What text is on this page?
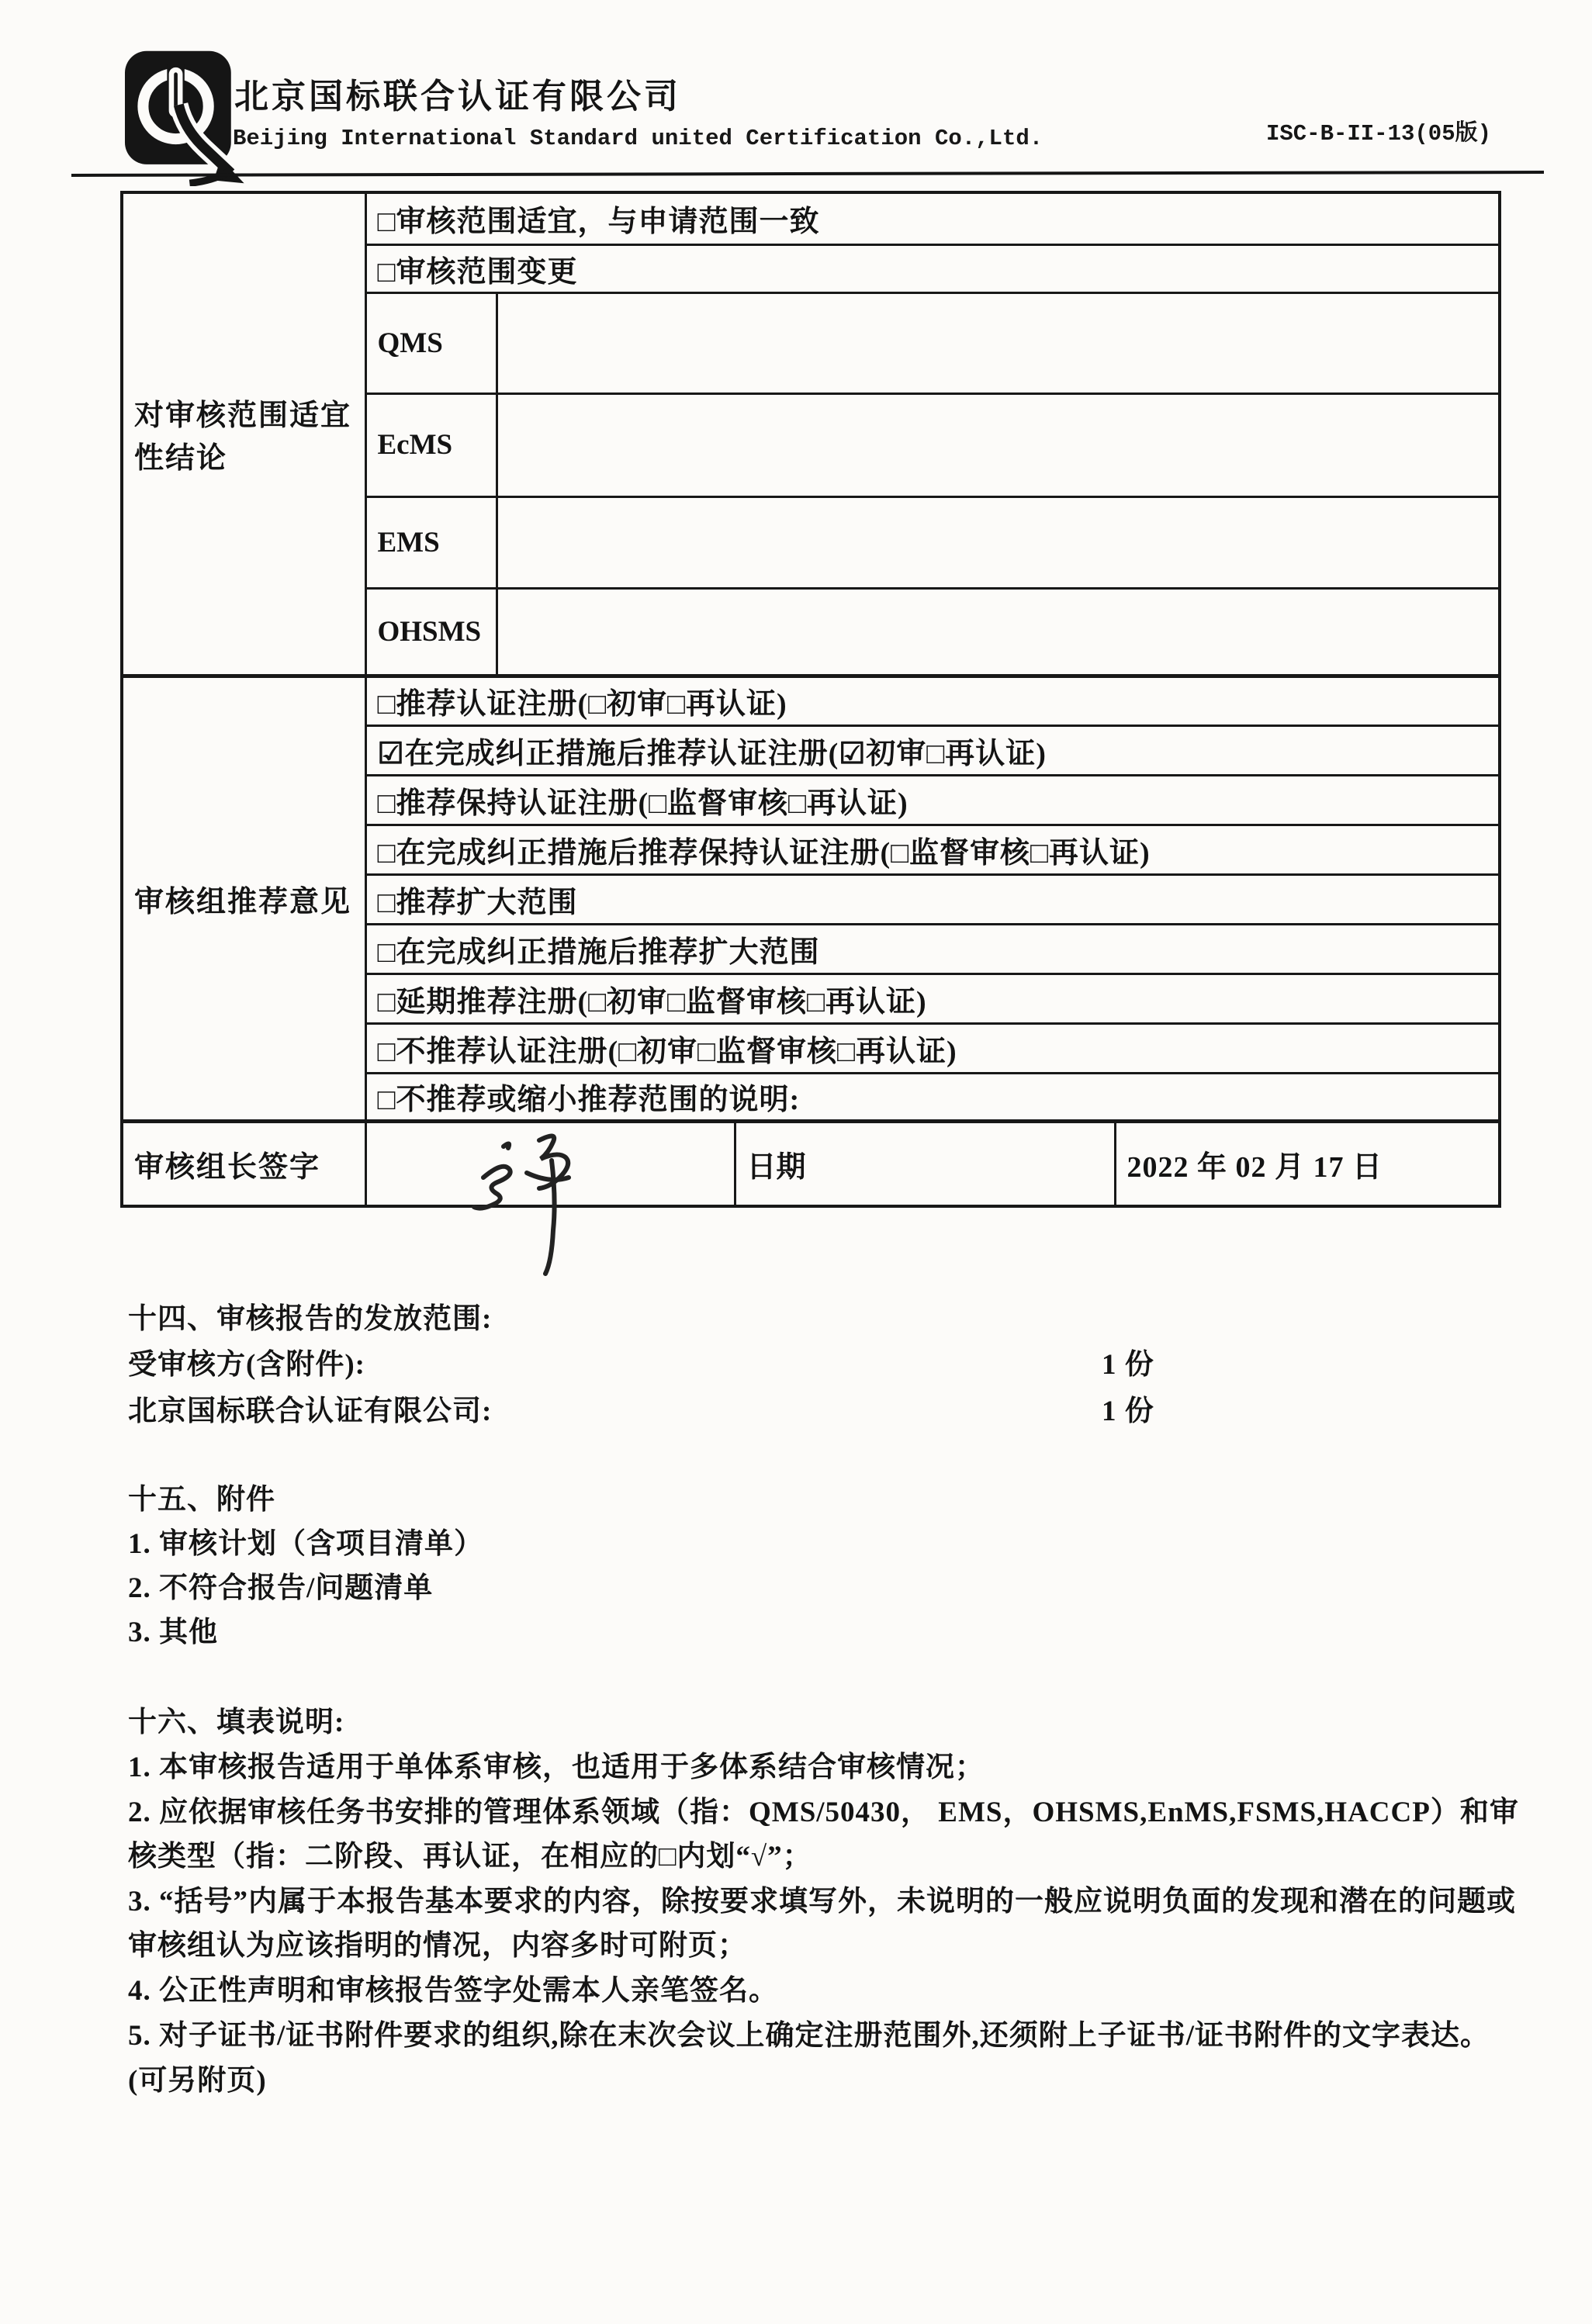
北京国标联合认证有限公司
Beijing International Standard united Certification Co.,Ltd.	ISC-B-II-13(05版)
对审核范围适宜性结论	□审核范围适宜，与申请范围一致			
	□审核范围变更			
	QMS			
	EcMS			
	EMS			
	OHSMS			
审核组推荐意见	□推荐认证注册(□初审□再认证)			
	☑在完成纠正措施后推荐认证注册(☑初审□再认证)			
	□推荐保持认证注册(□监督审核□再认证)			
	□在完成纠正措施后推荐保持认证注册(□监督审核□再认证)			
	□推荐扩大范围			
	□在完成纠正措施后推荐扩大范围			
	□延期推荐注册(□初审□监督审核□再认证)			
	□不推荐认证注册(□初审□监督审核□再认证)			
	□不推荐或缩小推荐范围的说明:			
审核组长签字			日期	2022 年 02 月 17 日
十四、审核报告的发放范围:
受审核方(含附件):	1 份
北京国标联合认证有限公司:	1 份
十五、附件
1. 审核计划（含项目清单）
2. 不符合报告/问题清单
3. 其他
十六、填表说明:
1. 本审核报告适用于单体系审核，也适用于多体系结合审核情况；
2. 应依据审核任务书安排的管理体系领域（指：QMS/50430， EMS，OHSMS,EnMS,FSMS,HACCP）和审核类型（指：二阶段、再认证，在相应的□内划“√”；
3. “括号”内属于本报告基本要求的内容，除按要求填写外，未说明的一般应说明负面的发现和潜在的问题或审核组认为应该指明的情况，内容多时可附页；
4. 公正性声明和审核报告签字处需本人亲笔签名。
5. 对子证书/证书附件要求的组织,除在末次会议上确定注册范围外,还须附上子证书/证书附件的文字表达。
(可另附页)
